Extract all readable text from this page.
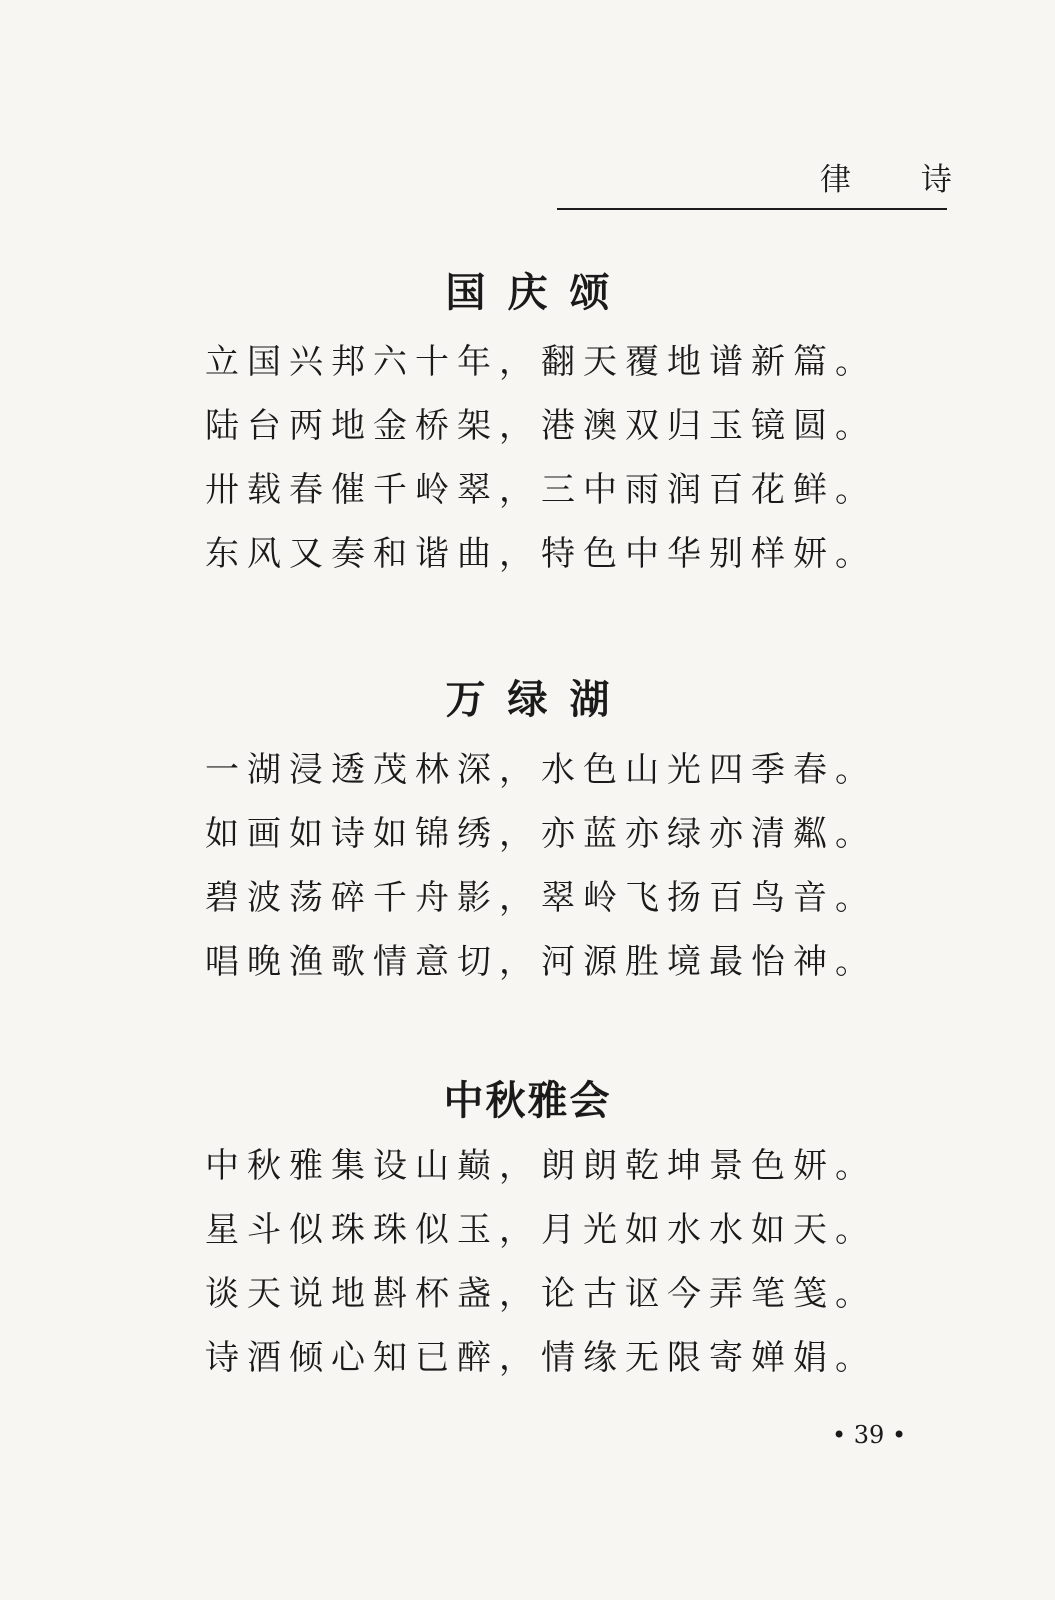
律 诗
国庆颂
立国兴邦六十年，翻天覆地谱新篇。
陆台两地金桥架，港澳双归玉镜圆。
卅载春催千岭翠，三中雨润百花鲜。
东风又奏和谐曲，特色中华别样妍。
万绿湖
一湖浸透茂林深，水色山光四季春。
如画如诗如锦绣，亦蓝亦绿亦清粼。
碧波荡碎千舟影，翠岭飞扬百鸟音。
唱晚渔歌情意切，河源胜境最怡神。
中秋雅会
中秋雅集设山巅，朗朗乾坤景色妍。
星斗似珠珠似玉，月光如水水如天。
谈天说地斟杯盏，论古讴今弄笔笺。
诗酒倾心知已醉，情缘无限寄婵娟。
• 39 •
